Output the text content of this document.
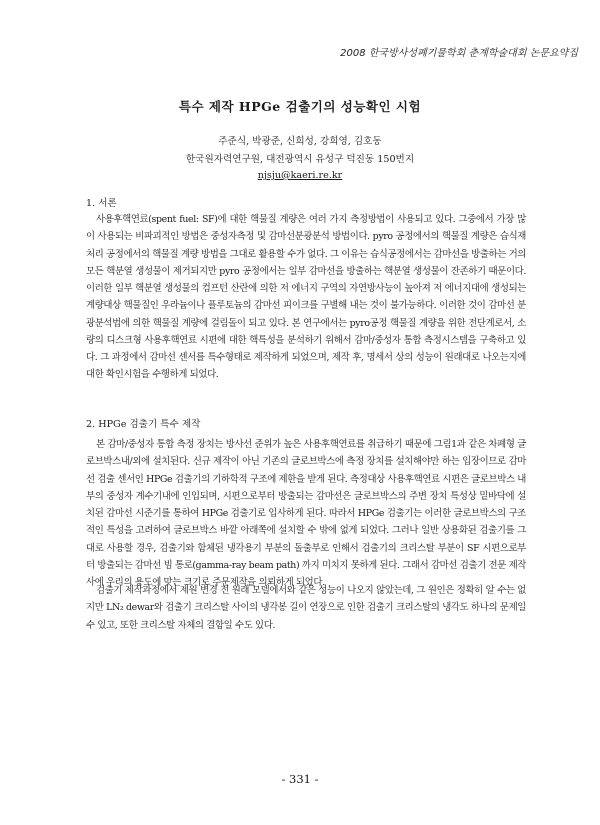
2008 한국방사성폐기물학회 춘계학술대회 논문요약집
특수 제작 HPGe 검출기의 성능확인 시험
주준식, 박광준, 신희성, 강희영, 김호동
한국원자력연구원, 대전광역시 유성구 덕진동 150번지
njsju@kaeri.re.kr
1. 서론

사용후핵연료(spent fuel: SF)에 대한 핵물질 계량은 여러 가지 측정방법이 사용되고 있다. 그중에서 가장 많이 사용되는 비파괴적인 방법은 중성자측정 및 감마선분광분석 방법이다. pyro 공정에서의 핵물질 계량은 습식재처리 공정에서의 핵물질 계량 방법을 그대로 활용할 수가 없다. 그 이유는 습식공정에서는 감마선을 방출하는 거의 모든 핵분열 생성물이 제거되지만 pyro 공정에서는 일부 감마선을 방출하는 핵분열 생성물이 잔존하기 때문이다. 이러한 일부 핵분열 생성물의 컴프턴 산란에 의한 저 에너지 구역의 자연방사능이 높아져 저 에너지대에 생성되는 계량대상 핵물질인 우라늄이나 플루토늄의 감마선 피이크를 구별해 내는 것이 불가능하다. 이러한 것이 감마선 분광분석법에 의한 핵물질 계량에 걸림돌이 되고 있다. 본 연구에서는 pyro공정 핵물질 계량을 위한 전단계로서, 소량의 디스크형 사용후핵연료 시편에 대한 핵특성을 분석하기 위해서 감마/중성자 통합 측정시스템을 구축하고 있다. 그 과정에서 감마선 센서를 특수형태로 제작하게 되었으며, 제작 후, 명세서 상의 성능이 원래대로 나오는지에 대한 확인시험을 수행하게 되었다.

2. HPGe 검출기 특수 제작

본 감마/중성자 통합 측정 장치는 방사선 준위가 높은 사용후핵연료를 취급하기 때문에 그림1과 같은 차폐형 글로브박스내/외에 설치된다. 신규 제작이 아닌 기존의 글로브박스에 측정 장치를 설치해야만 하는 입장이므로 감마선 검출 센서인 HPGe 검출기의 기하학적 구조에 제한을 받게 된다. 측정대상 사용후핵연료 시편은 글로브박스 내부의 중성자 계수기내에 인입되며, 시편으로부터 방출되는 감마선은 글로브박스의 주변 장치 특성상 밑바닥에 설치된 감마선 시준기를 통하여 HPGe 검출기로 입사하게 된다. 따라서 HPGe 검출기는 이러한 글로브박스의 구조적인 특성을 고려하여 글로브박스 바깥 아래쪽에 설치할 수 밖에 없게 되었다. 그러나 일반 상용화된 검출기를 그대로 사용할 경우, 검출기와 함체된 냉각용기 부분의 돌출부로 인해서 검출기의 크리스탈 부분이 SF 시편으로부터 방출되는 감마선 빔 통로(gamma-ray beam path) 까지 미치지 못하게 된다. 그래서 감마선 검출기 전문 제작사에 우리의 용도에 맞는 크기로 주문제작을 의뢰하게 되었다.

검출기 제작과정에서 제원 변경 전 원래 모델에서와 같은 성능이 나오지 않았는데, 그 원인은 정확히 알 수는 없지만 LN₂ dewar와 검출기 크리스탈 사이의 냉각봉 길이 연장으로 인한 검출기 크리스탈의 냉각도 하나의 문제일 수 있고, 또한 크리스탈 자체의 결함일 수도 있다.

- 331 -
